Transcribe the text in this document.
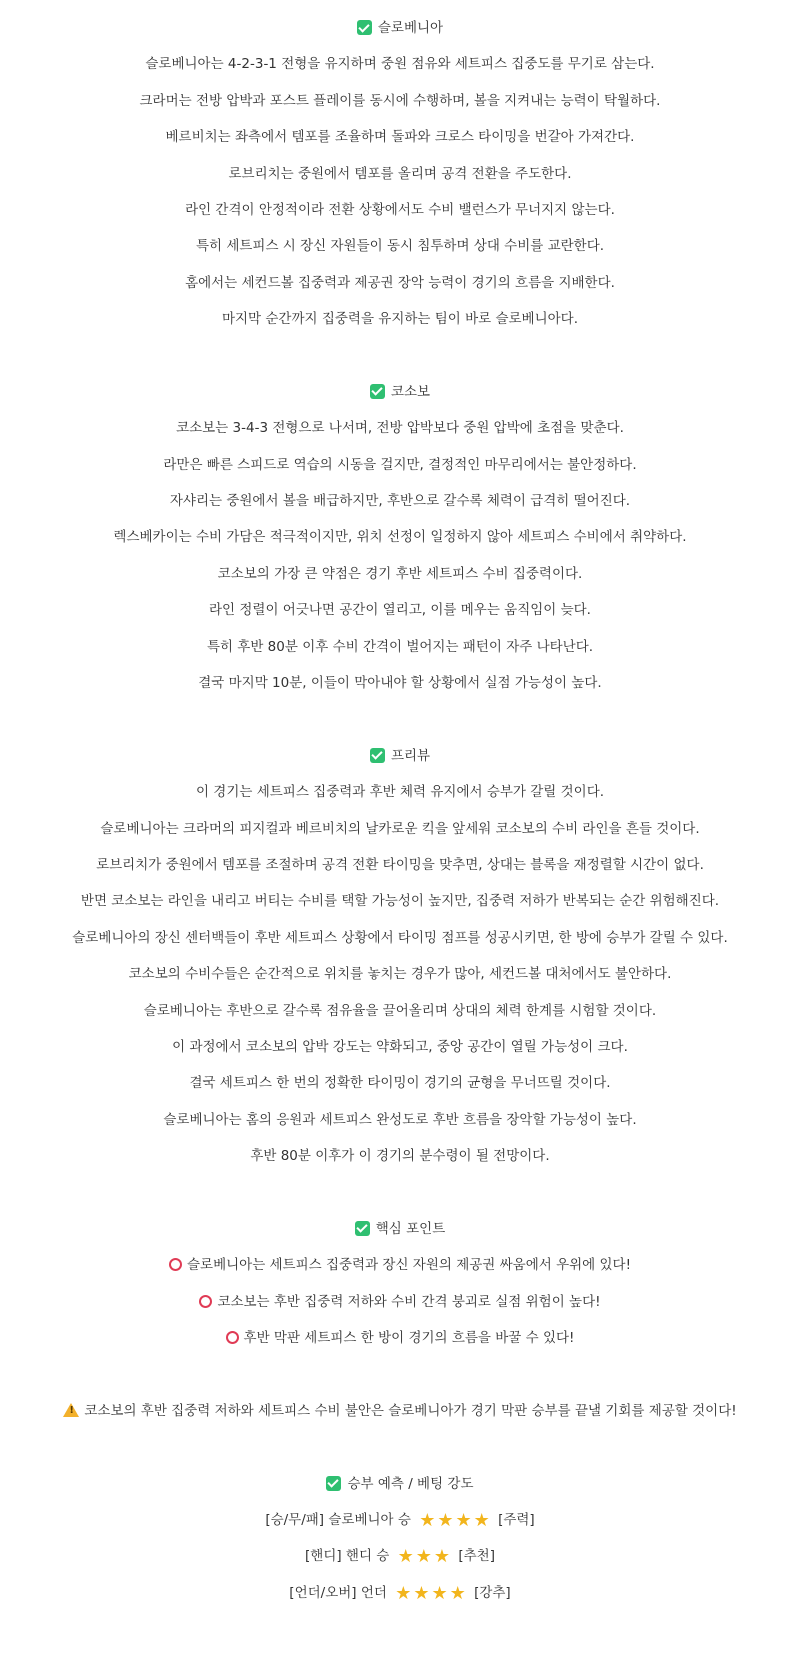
슬로베니아
슬로베니아는 4-2-3-1 전형을 유지하며 중원 점유와 세트피스 집중도를 무기로 삼는다.
크라머는 전방 압박과 포스트 플레이를 동시에 수행하며, 볼을 지켜내는 능력이 탁월하다.
베르비치는 좌측에서 템포를 조율하며 돌파와 크로스 타이밍을 번갈아 가져간다.
로브리치는 중원에서 템포를 올리며 공격 전환을 주도한다.
라인 간격이 안정적이라 전환 상황에서도 수비 밸런스가 무너지지 않는다.
특히 세트피스 시 장신 자원들이 동시 침투하며 상대 수비를 교란한다.
홈에서는 세컨드볼 집중력과 제공권 장악 능력이 경기의 흐름을 지배한다.
마지막 순간까지 집중력을 유지하는 팀이 바로 슬로베니아다.
코소보
코소보는 3-4-3 전형으로 나서며, 전방 압박보다 중원 압박에 초점을 맞춘다.
라만은 빠른 스피드로 역습의 시동을 걸지만, 결정적인 마무리에서는 불안정하다.
자샤리는 중원에서 볼을 배급하지만, 후반으로 갈수록 체력이 급격히 떨어진다.
렉스베카이는 수비 가담은 적극적이지만, 위치 선정이 일정하지 않아 세트피스 수비에서 취약하다.
코소보의 가장 큰 약점은 경기 후반 세트피스 수비 집중력이다.
라인 정렬이 어긋나면 공간이 열리고, 이를 메우는 움직임이 늦다.
특히 후반 80분 이후 수비 간격이 벌어지는 패턴이 자주 나타난다.
결국 마지막 10분, 이들이 막아내야 할 상황에서 실점 가능성이 높다.
프리뷰
이 경기는 세트피스 집중력과 후반 체력 유지에서 승부가 갈릴 것이다.
슬로베니아는 크라머의 피지컬과 베르비치의 날카로운 킥을 앞세워 코소보의 수비 라인을 흔들 것이다.
로브리치가 중원에서 템포를 조절하며 공격 전환 타이밍을 맞추면, 상대는 블록을 재정렬할 시간이 없다.
반면 코소보는 라인을 내리고 버티는 수비를 택할 가능성이 높지만, 집중력 저하가 반복되는 순간 위험해진다.
슬로베니아의 장신 센터백들이 후반 세트피스 상황에서 타이밍 점프를 성공시키면, 한 방에 승부가 갈릴 수 있다.
코소보의 수비수들은 순간적으로 위치를 놓치는 경우가 많아, 세컨드볼 대처에서도 불안하다.
슬로베니아는 후반으로 갈수록 점유율을 끌어올리며 상대의 체력 한계를 시험할 것이다.
이 과정에서 코소보의 압박 강도는 약화되고, 중앙 공간이 열릴 가능성이 크다.
결국 세트피스 한 번의 정확한 타이밍이 경기의 균형을 무너뜨릴 것이다.
슬로베니아는 홈의 응원과 세트피스 완성도로 후반 흐름을 장악할 가능성이 높다.
후반 80분 이후가 이 경기의 분수령이 될 전망이다.
핵심 포인트
슬로베니아는 세트피스 집중력과 장신 자원의 제공권 싸움에서 우위에 있다!
코소보는 후반 집중력 저하와 수비 간격 붕괴로 실점 위험이 높다!
후반 막판 세트피스 한 방이 경기의 흐름을 바꿀 수 있다!
!코소보의 후반 집중력 저하와 세트피스 수비 불안은 슬로베니아가 경기 막판 승부를 끝낼 기회를 제공할 것이다!
승부 예측 / 베팅 강도
[승/무/패] 슬로베니아 승 ★ ★ ★ ★ [주력]
[핸디] 핸디 승 ★ ★ ★ [추천]
[언더/오버] 언더 ★ ★ ★ ★ [강추]
